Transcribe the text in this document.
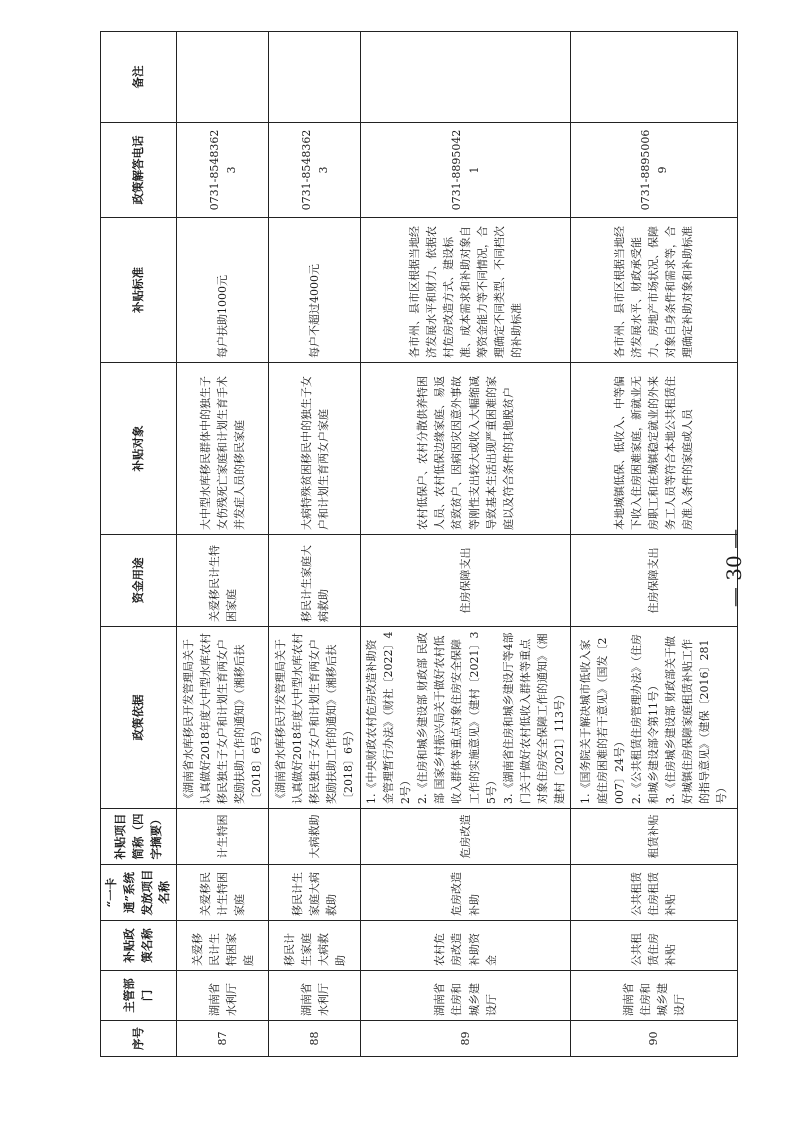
序号	主管部门	补贴政策名称	“一卡通”系统发放项目名称	补贴项目简称（四字摘要）	政策依据	资金用途	补贴对象	补贴标准	政策解答电话	备注
87	湖南省水利厅	关爱移民计生特困家庭	关爱移民计生特困家庭	计生特困	《湖南省水库移民开发管理局关于认真做好2018年度大中型水库农村移民独生子女户和计划生育两女户奖励扶助工作的通知》（湘移后扶〔2018〕6号）	关爱移民计生特困家庭	大中型水库移民群体中的独生子女伤残死亡家庭和计划生育手术并发症人员的移民家庭	每户扶助1000元	0731-85483623	
88	湖南省水利厅	移民计生家庭大病救助	移民计生家庭大病救助	大病救助	《湖南省水库移民开发管理局关于认真做好2018年度大中型水库农村移民独生子女户和计划生育两女户奖励扶助工作的通知》（湘移后扶〔2018〕6号）	移民计生家庭大病救助	大病特殊贫困移民中的独生子女户和计划生育两女户家庭	每户不超过4000元	0731-85483623	
89	湖南省住房和城乡建设厅	农村危房改造补助资金	危房改造补助	危房改造	1.《中央财政农村危房改造补助资金管理暂行办法》（财社〔2022〕42号）
2.《住房和城乡建设部 财政部 民政部 国家乡村振兴局关于做好农村低收入群体等重点对象住房安全保障工作的实施意见》（建村〔2021〕35号）
3.《湖南省住房和城乡建设厅等4部门关于做好农村低收入群体等重点对象住房安全保障工作的通知》（湘建村〔2021〕113号）	住房保障支出	农村低保户、农村分散供养特困人员、农村低保边缘家庭、易返贫致贫户、因病因灾因意外事故等刚性支出较大或收入大幅缩减导致基本生活出现严重困难的家庭以及符合条件的其他脱贫户	各市州、县市区根据当地经济发展水平和财力、依据农村危房改造方式、建设标准、成本需求和补助对象自筹资金能力等不同情况，合理确定不同类型、不同档次的补助标准	0731-88950421	
90	湖南省住房和城乡建设厅	公共租赁住房补贴	公共租赁住房租赁补贴	租赁补贴	1.《国务院关于解决城市低收入家庭住房困难的若干意见》（国发〔2007〕24号）
2.《公共租赁住房管理办法》（住房和城乡建设部令第11号）
3.《住房城乡建设部 财政部关于做好城镇住房保障家庭租赁补贴工作的指导意见》（建保〔2016〕281号）	住房保障支出	本地城镇低保、低收入、中等偏下收入住房困难家庭，新就业无房职工和在城镇稳定就业的外来务工人员等符合本地公共租赁住房准入条件的家庭或人员	各市州、县市区根据当地经济发展水平、财政承受能力、房地产市场状况、保障对象自身条件和需求等，合理确定补助对象和补助标准	0731-88950069	
— 30 —
